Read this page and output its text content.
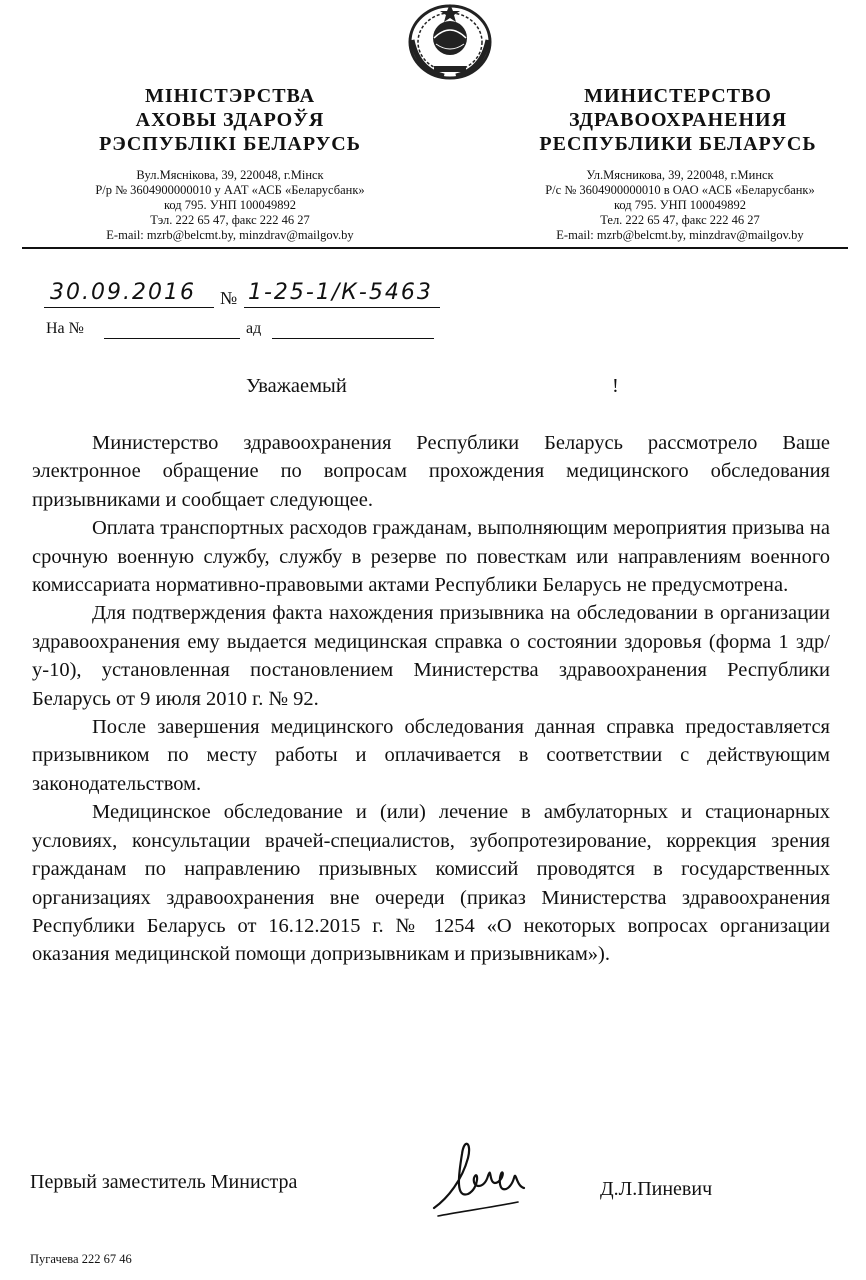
МІНІСТЭРСТВА
АХОВЫ ЗДАРОЎЯ
РЭСПУБЛІКІ БЕЛАРУСЬ
МИНИСТЕРСТВО
ЗДРАВООХРАНЕНИЯ
РЕСПУБЛИКИ БЕЛАРУСЬ
Вул.Мяснікова, 39, 220048, г.Мінск
Р/р № 3604900000010 у ААТ «АСБ «Беларусбанк»
код 795. УНП 100049892
Тэл. 222 65 47, факс 222 46 27
E-mail: mzrb@belcmt.by, minzdrav@mailgov.by
Ул.Мясникова, 39, 220048, г.Минск
Р/с № 3604900000010 в ОАО «АСБ «Беларусбанк»
код 795. УНП 100049892
Тел. 222 65 47, факс 222 46 27
E-mail: mzrb@belcmt.by, minzdrav@mailgov.by
30.09.2016 № 1-25-1/К-5463
На №	ад
Уважаемый	!

Министерство здравоохранения Республики Беларусь рассмотрело Ваше электронное обращение по вопросам прохождения медицинского обследования призывниками и сообщает следующее.

Оплата транспортных расходов гражданам, выполняющим мероприятия призыва на срочную военную службу, службу в резерве по повесткам или направлениям военного комиссариата нормативно-правовыми актами Республики Беларусь не предусмотрена.

Для подтверждения факта нахождения призывника на обследовании в организации здравоохранения ему выдается медицинская справка о состоянии здоровья (форма 1 здр/у-10), установленная постановлением Министерства здравоохранения Республики Беларусь от 9 июля 2010 г. № 92.

После завершения медицинского обследования данная справка предоставляется призывником по месту работы и оплачивается в соответствии с действующим законодательством.

Медицинское обследование и (или) лечение в амбулаторных и стационарных условиях, консультации врачей-специалистов, зубопротезирование, коррекция зрения гражданам по направлению призывных комиссий проводятся в государственных организациях здравоохранения вне очереди (приказ Министерства здравоохранения Республики Беларусь от 16.12.2015 г. № 1254 «О некоторых вопросах организации оказания медицинской помощи допризывникам и призывникам»).

Первый заместитель Министра	Д.Л.Пиневич
Пугачева 222 67 46
